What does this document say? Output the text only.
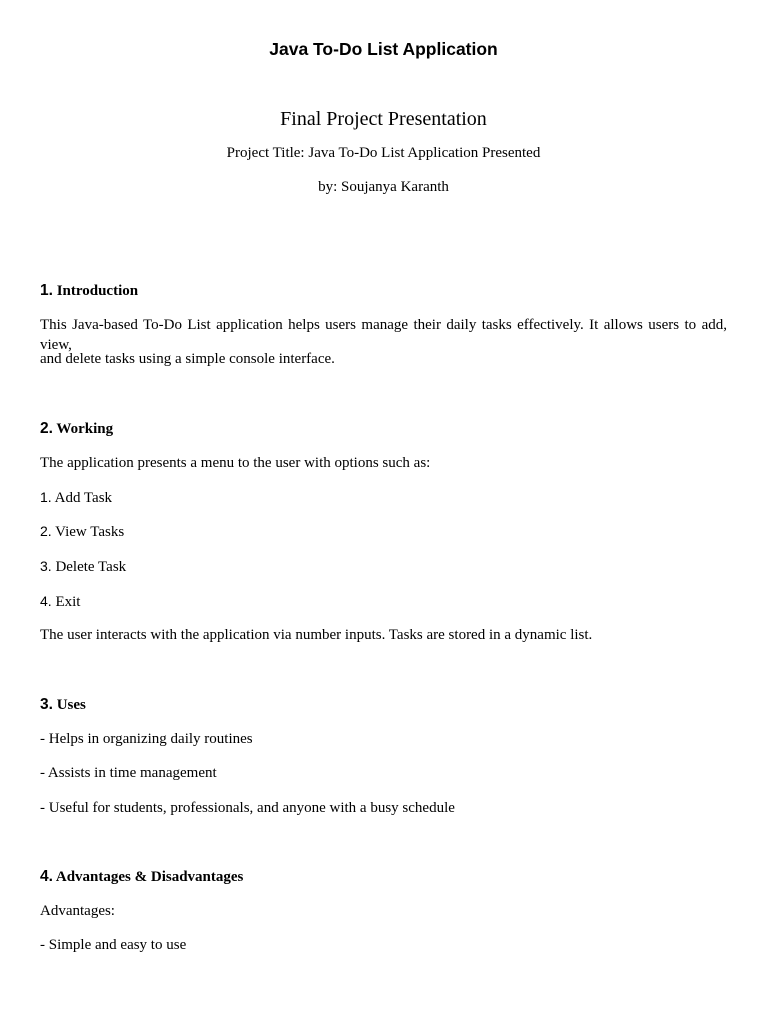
Java To-Do List Application
Final Project Presentation

Project Title: Java To-Do List Application Presented

by: Soujanya Karanth

1. Introduction

This Java-based To-Do List application helps users manage their daily tasks effectively. It allows users to add, view,

and delete tasks using a simple console interface.

2. Working

The application presents a menu to the user with options such as:

1. Add Task

2. View Tasks

3. Delete Task

4. Exit

The user interacts with the application via number inputs. Tasks are stored in a dynamic list.

3. Uses

- Helps in organizing daily routines

- Assists in time management

- Useful for students, professionals, and anyone with a busy schedule

4. Advantages & Disadvantages

Advantages:

- Simple and easy to use
